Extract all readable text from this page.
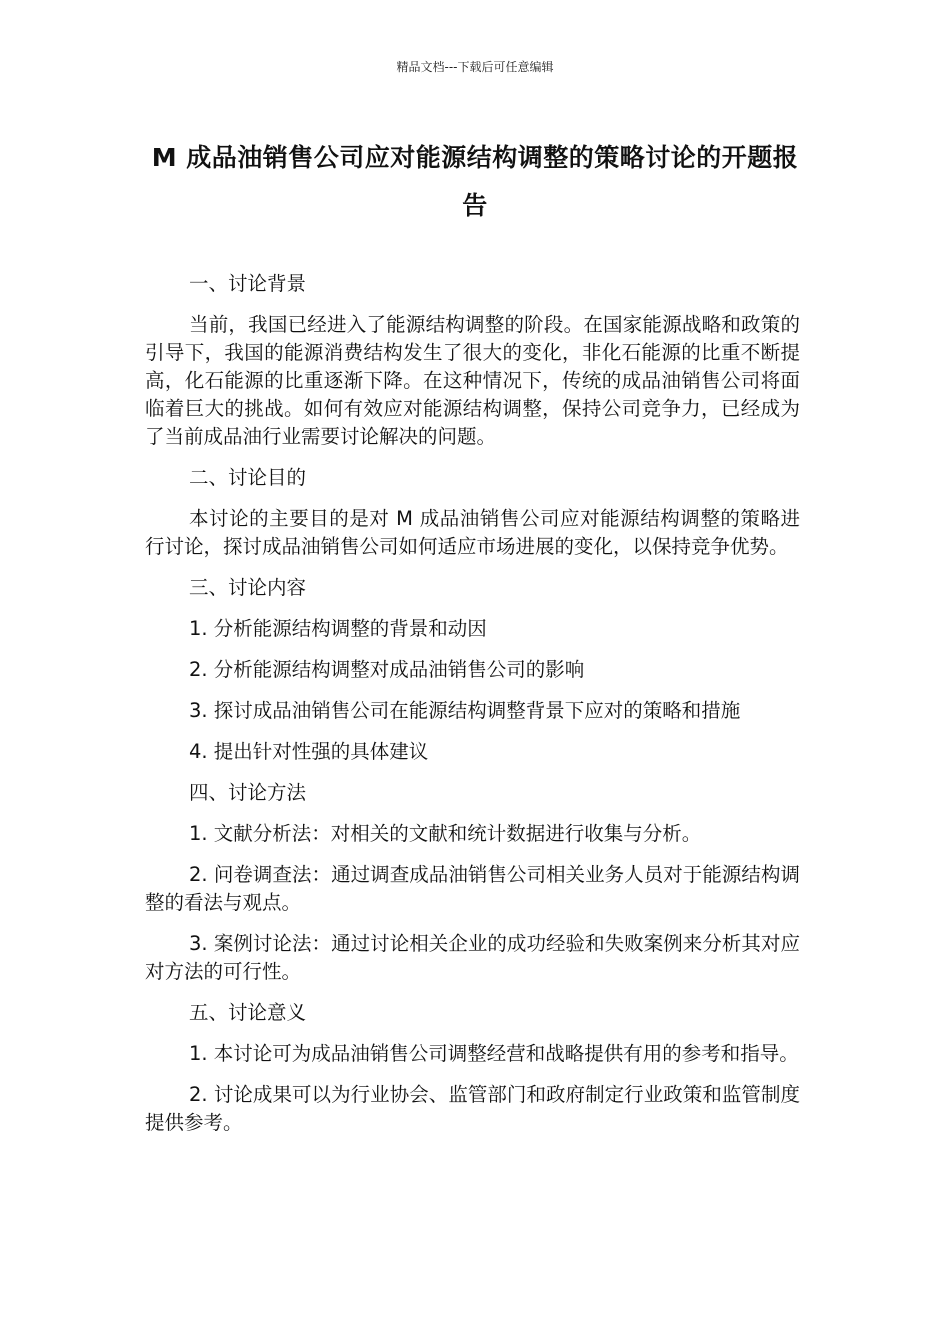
精品文档---下载后可任意编辑
M 成品油销售公司应对能源结构调整的策略讨论的开题报告

一、讨论背景

当前，我国已经进入了能源结构调整的阶段。在国家能源战略和政策的引导下，我国的能源消费结构发生了很大的变化，非化石能源的比重不断提高，化石能源的比重逐渐下降。在这种情况下，传统的成品油销售公司将面临着巨大的挑战。如何有效应对能源结构调整，保持公司竞争力，已经成为了当前成品油行业需要讨论解决的问题。

二、讨论目的

本讨论的主要目的是对 M 成品油销售公司应对能源结构调整的策略进行讨论，探讨成品油销售公司如何适应市场进展的变化，以保持竞争优势。

三、讨论内容

1. 分析能源结构调整的背景和动因

2. 分析能源结构调整对成品油销售公司的影响

3. 探讨成品油销售公司在能源结构调整背景下应对的策略和措施

4. 提出针对性强的具体建议

四、讨论方法

1. 文献分析法：对相关的文献和统计数据进行收集与分析。

2. 问卷调查法：通过调查成品油销售公司相关业务人员对于能源结构调整的看法与观点。

3. 案例讨论法：通过讨论相关企业的成功经验和失败案例来分析其对应对方法的可行性。

五、讨论意义

1. 本讨论可为成品油销售公司调整经营和战略提供有用的参考和指导。

2. 讨论成果可以为行业协会、监管部门和政府制定行业政策和监管制度提供参考。
